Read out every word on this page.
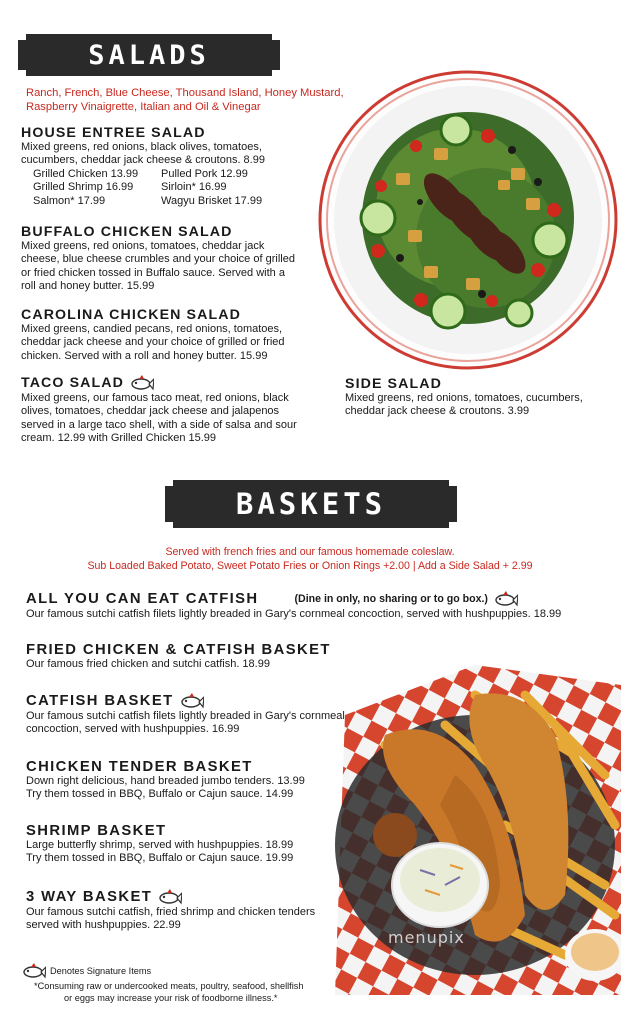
SALADS
Ranch, French, Blue Cheese, Thousand Island, Honey Mustard,
Raspberry Vinaigrette, Italian and Oil & Vinegar
HOUSE ENTREE SALAD
Mixed greens, red onions, black olives, tomatoes,
cucumbers, cheddar jack cheese & croutons. 8.99
Grilled Chicken 13.99	Pulled Pork 12.99
Grilled Shrimp 16.99	Sirloin* 16.99
Salmon* 17.99	Wagyu Brisket 17.99
BUFFALO CHICKEN SALAD
Mixed greens, red onions, tomatoes, cheddar jack
cheese, blue cheese crumbles and your choice of grilled
or fried chicken tossed in Buffalo sauce. Served with a
roll and honey butter. 15.99
CAROLINA CHICKEN SALAD
Mixed greens, candied pecans, red onions, tomatoes,
cheddar jack cheese and your choice of grilled or fried
chicken. Served with a roll and honey butter. 15.99
TACO SALAD
Mixed greens, our famous taco meat, red onions, black
olives, tomatoes, cheddar jack cheese and jalapenos
served in a large taco shell, with a side of salsa and sour
cream. 12.99 with Grilled Chicken 15.99
SIDE SALAD
Mixed greens, red onions, tomatoes, cucumbers,
cheddar jack cheese & croutons. 3.99
BASKETS
Served with french fries and our famous homemade coleslaw.
Sub Loaded Baked Potato, Sweet Potato Fries or Onion Rings +2.00 | Add a Side Salad + 2.99
menupix
ALL YOU CAN EAT CATFISH	(Dine in only, no sharing or to go box.)
Our famous sutchi catfish filets lightly breaded in Gary's cornmeal concoction, served with hushpuppies. 18.99
FRIED CHICKEN & CATFISH BASKET
Our famous fried chicken and sutchi catfish. 18.99
CATFISH BASKET
Our famous sutchi catfish filets lightly breaded in Gary's cornmeal
concoction, served with hushpuppies. 16.99
CHICKEN TENDER BASKET
Down right delicious, hand breaded jumbo tenders. 13.99
Try them tossed in BBQ, Buffalo or Cajun sauce. 14.99
SHRIMP BASKET
Large butterfly shrimp, served with hushpuppies. 18.99
Try them tossed in BBQ, Buffalo or Cajun sauce. 19.99
3 WAY BASKET
Our famous sutchi catfish, fried shrimp and chicken tenders
served with hushpuppies. 22.99
Denotes Signature Items
*Consuming raw or undercooked meats, poultry, seafood, shellfish
or eggs may increase your risk of foodborne illness.*
